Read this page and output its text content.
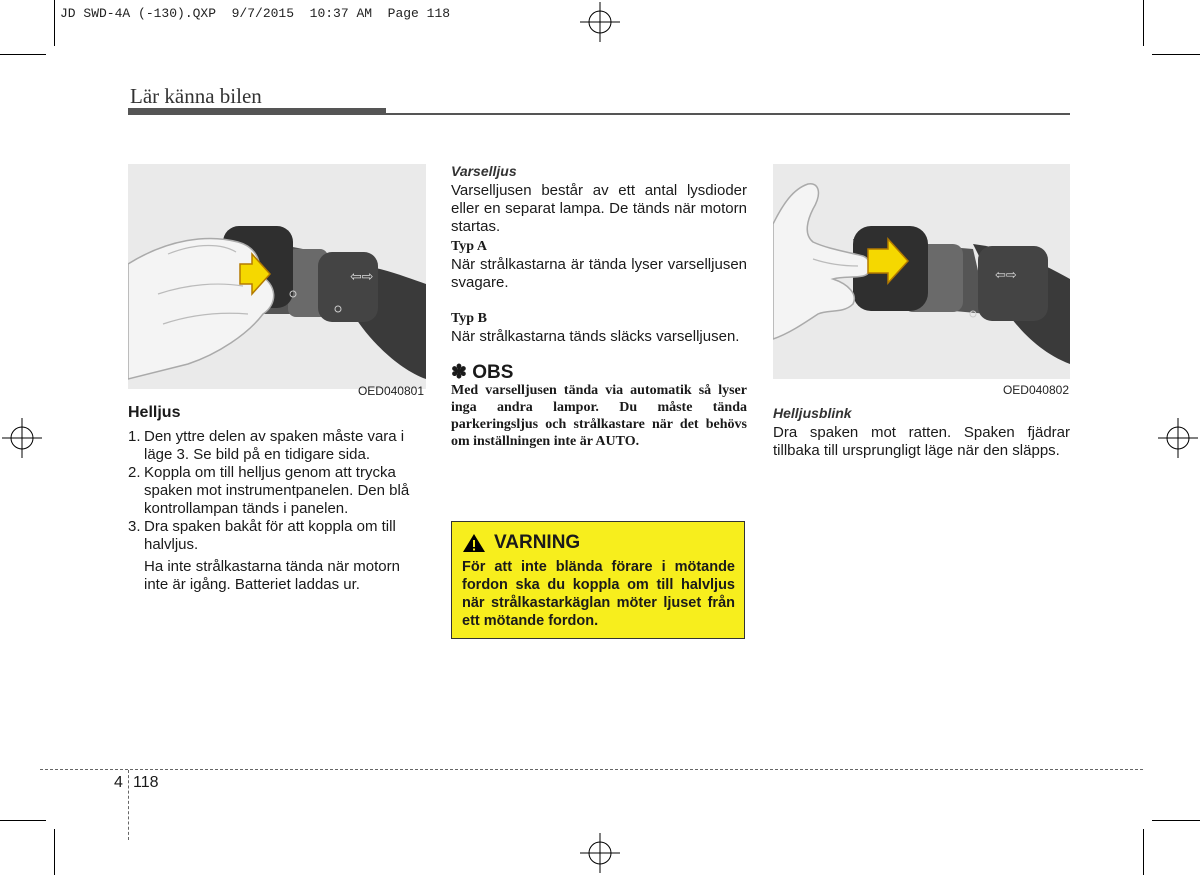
JD SWD-4A (-130).QXP  9/7/2015  10:37 AM  Page 118
Lär känna bilen
⇦⇨
OED040801
Helljus
1. Den yttre delen av spaken måste vara i läge 3. Se bild på en tidigare sida.
2. Koppla om till helljus genom att trycka spaken mot instrumentpanelen. Den blå kontrollampan tänds i panelen.
3. Dra spaken bakåt för att koppla om till halvljus.
Ha inte strålkastarna tända när motorn inte är igång. Batteriet laddas ur.
Varselljus
Varselljusen består av ett antal lysdioder eller en separat lampa. De tänds när motorn startas.
Typ A
När strålkastarna är tända lyser varselljusen svagare.
Typ B
När strålkastarna tänds släcks varselljusen.
✽ OBS
Med varselljusen tända via automatik så lyser inga andra lampor. Du måste tända parkeringsljus och strålkastare när det behövs om inställningen inte är AUTO.
VARNING
För att inte blända förare i mötande fordon ska du koppla om till halvljus när strålkastarkäglan möter ljuset från ett mötande fordon.
⇦⇨
OED040802
Helljusblink
Dra spaken mot ratten. Spaken fjädrar tillbaka till ursprungligt läge när den släpps.
4 118
